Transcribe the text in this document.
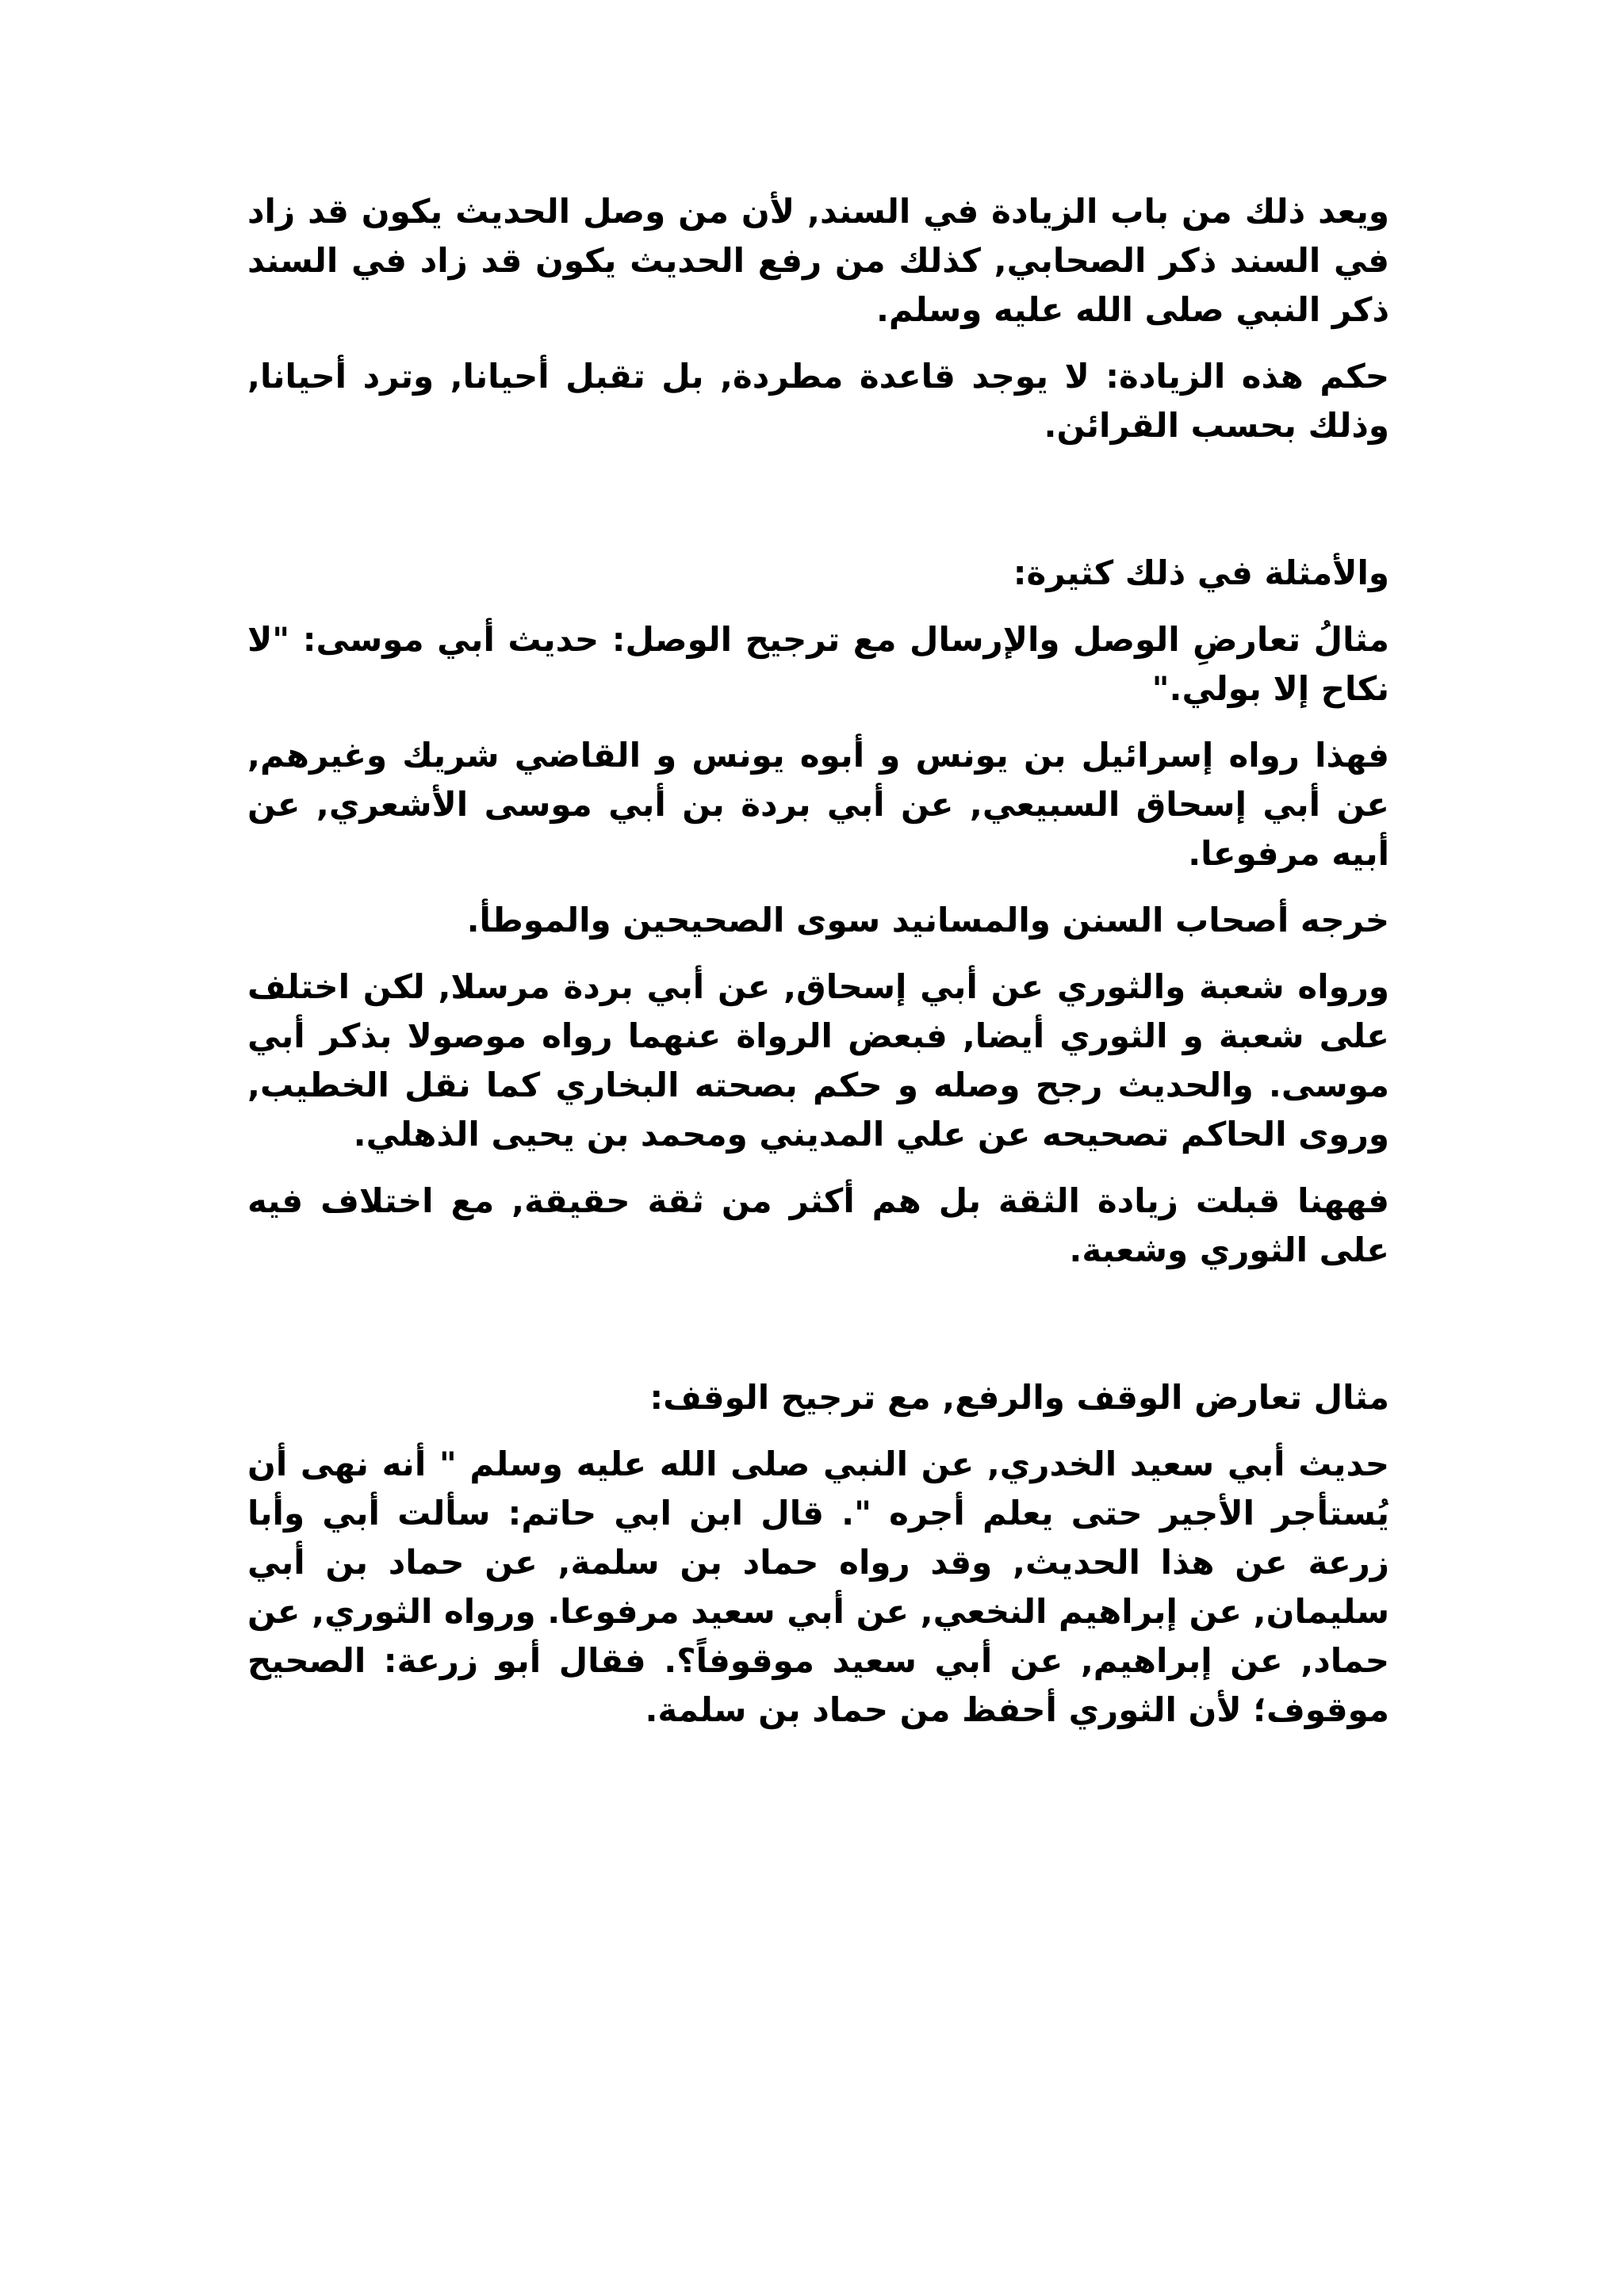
ويعد ذلك من باب الزيادة في السند, لأن من وصل الحديث يكون قد زاد في السند ذكر الصحابي, كذلك من رفع الحديث يكون قد زاد في السند ذكر النبي صلى الله عليه وسلم.

حكم هذه الزيادة: لا يوجد قاعدة مطردة, بل تقبل أحيانا, وترد أحيانا, وذلك بحسب القرائن.

والأمثلة في ذلك كثيرة:

مثالُ تعارضِ الوصل والإرسال مع ترجيح الوصل: حديث أبي موسى: "لا نكاح إلا بولي."

فهذا رواه إسرائيل بن يونس و أبوه يونس و القاضي شريك وغيرهم, عن أبي إسحاق السبيعي, عن أبي بردة بن أبي موسى الأشعري, عن أبيه مرفوعا.

خرجه أصحاب السنن والمسانيد سوى الصحيحين والموطأ.

ورواه شعبة والثوري عن أبي إسحاق, عن أبي بردة مرسلا, لكن اختلف على شعبة و الثوري أيضا, فبعض الرواة عنهما رواه موصولا بذكر أبي موسى. والحديث رجح وصله و حكم بصحته البخاري كما نقل الخطيب, وروى الحاكم تصحيحه عن علي المديني ومحمد بن يحيى الذهلي.

فههنا قبلت زيادة الثقة بل هم أكثر من ثقة حقيقة, مع اختلاف فيه على الثوري وشعبة.

مثال تعارض الوقف والرفع, مع ترجيح الوقف:

حديث أبي سعيد الخدري, عن النبي صلى الله عليه وسلم " أنه نهى أن يُستأجر الأجير حتى يعلم أجره ". قال ابن ابي حاتم: سألت أبي وأبا زرعة عن هذا الحديث, وقد رواه حماد بن سلمة, عن حماد بن أبي سليمان, عن إبراهيم النخعي, عن أبي سعيد مرفوعا. ورواه الثوري, عن حماد, عن إبراهيم, عن أبي سعيد موقوفاً؟. فقال أبو زرعة: الصحيح موقوف؛ لأن الثوري أحفظ من حماد بن سلمة.
